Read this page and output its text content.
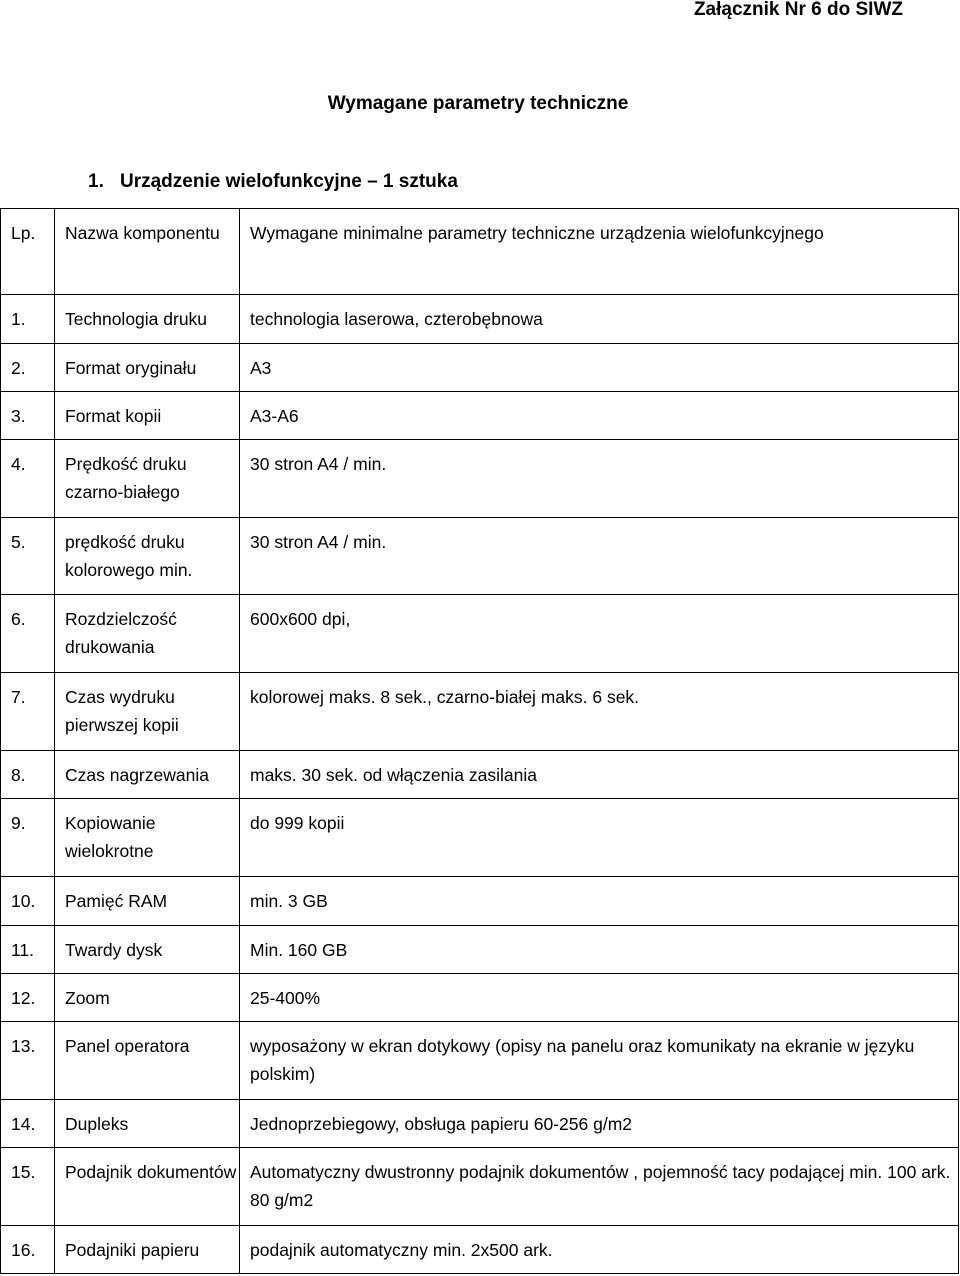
Załącznik Nr 6 do SIWZ
Wymagane parametry techniczne
1. Urządzenie wielofunkcyjne – 1 sztuka
Lp.	Nazwa komponentu	Wymagane minimalne parametry techniczne urządzenia wielofunkcyjnego
1.	Technologia druku	technologia laserowa, czterobębnowa
2.	Format oryginału	A3
3.	Format kopii	A3-A6
4.	Prędkość druku czarno-białego	30 stron A4 / min.
5.	prędkość druku kolorowego min.	30 stron A4 / min.
6.	Rozdzielczość drukowania	600x600 dpi,
7.	Czas wydruku pierwszej kopii	kolorowej maks. 8 sek., czarno-białej maks. 6 sek.
8.	Czas nagrzewania	maks. 30 sek. od włączenia zasilania
9.	Kopiowanie wielokrotne	do 999 kopii
10.	Pamięć RAM	min. 3 GB
11.	Twardy dysk	Min. 160 GB
12.	Zoom	25-400%
13.	Panel operatora	wyposażony w ekran dotykowy (opisy na panelu oraz komunikaty na ekranie w języku polskim)
14.	Dupleks	Jednoprzebiegowy, obsługa papieru 60-256 g/m2
15.	Podajnik dokumentów	Automatyczny dwustronny podajnik dokumentów , pojemność tacy podającej min. 100 ark. 80 g/m2
16.	Podajniki papieru	podajnik automatyczny min. 2x500 ark.
